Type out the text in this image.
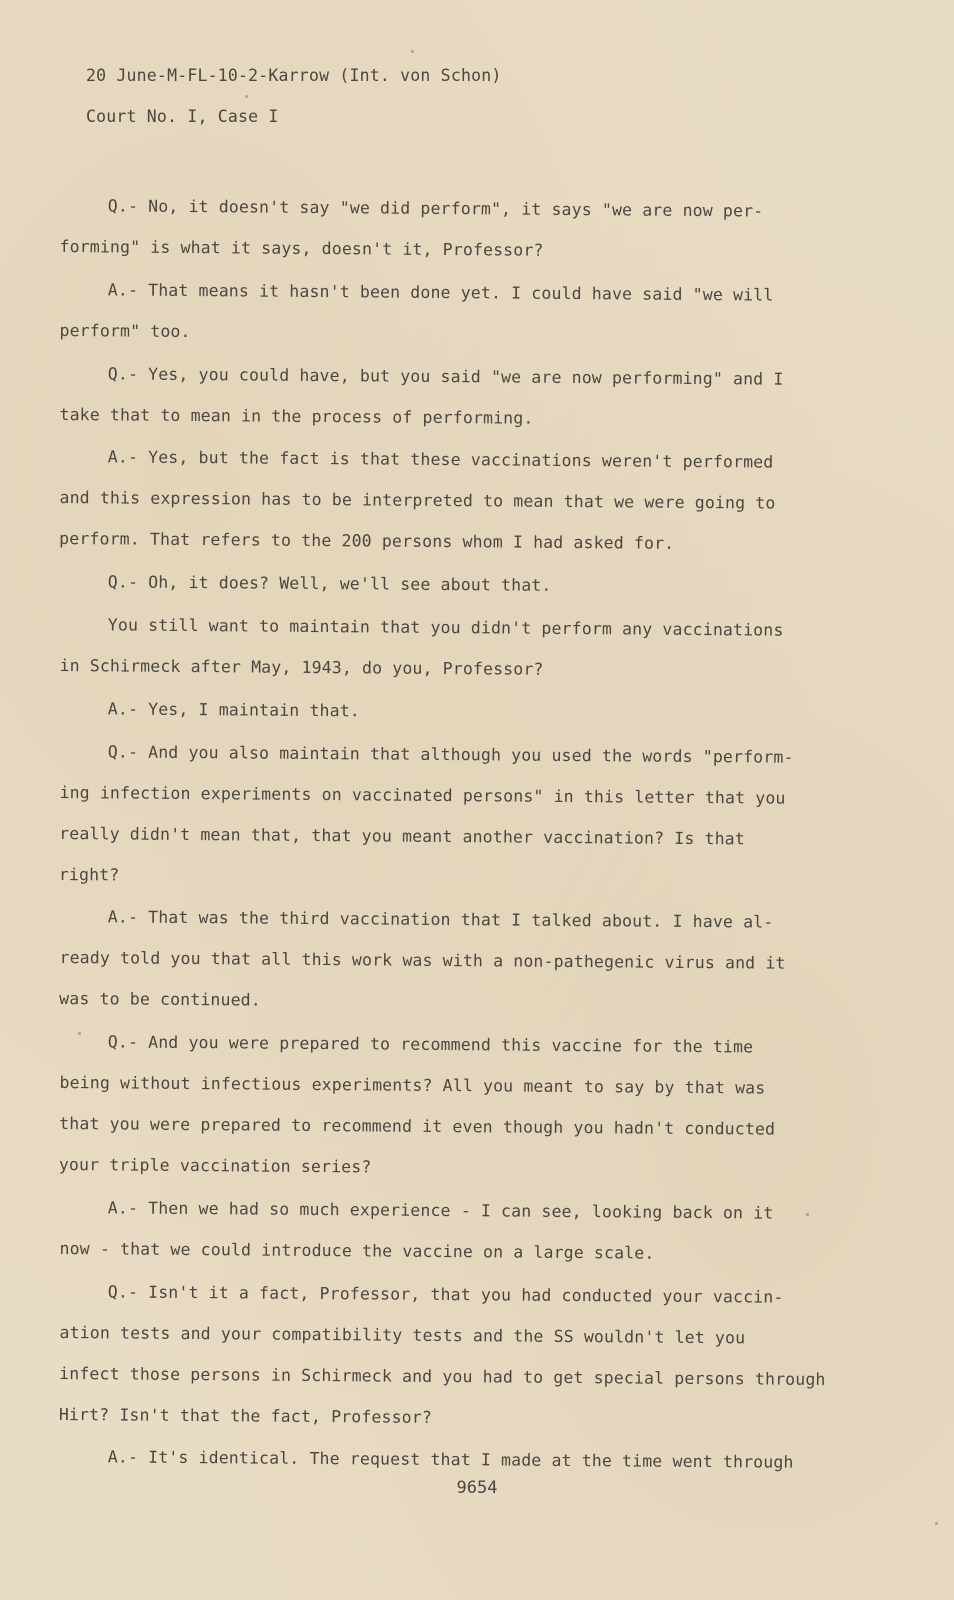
20 June-M-FL-10-2-Karrow (Int. von Schon)
Court No. I, Case I
Q.- No, it doesn't say "we did perform", it says "we are now per-
forming" is what it says, doesn't it, Professor?
A.- That means it hasn't been done yet. I could have said "we will
perform" too.
Q.- Yes, you could have, but you said "we are now performing" and I
take that to mean in the process of performing.
A.- Yes, but the fact is that these vaccinations weren't performed
and this expression has to be interpreted to mean that we were going to
perform. That refers to the 200 persons whom I had asked for.
Q.- Oh, it does? Well, we'll see about that.
You still want to maintain that you didn't perform any vaccinations
in Schirmeck after May, 1943, do you, Professor?
A.- Yes, I maintain that.
Q.- And you also maintain that although you used the words "perform-
ing infection experiments on vaccinated persons" in this letter that you
really didn't mean that, that you meant another vaccination? Is that
right?
A.- That was the third vaccination that I talked about. I have al-
ready told you that all this work was with a non-pathegenic virus and it
was to be continued.
Q.- And you were prepared to recommend this vaccine for the time
being without infectious experiments? All you meant to say by that was
that you were prepared to recommend it even though you hadn't conducted
your triple vaccination series?
A.- Then we had so much experience - I can see, looking back on it
now - that we could introduce the vaccine on a large scale.
Q.- Isn't it a fact, Professor, that you had conducted your vaccin-
ation tests and your compatibility tests and the SS wouldn't let you
infect those persons in Schirmeck and you had to get special persons through
Hirt? Isn't that the fact, Professor?
A.- It's identical. The request that I made at the time went through
9654
